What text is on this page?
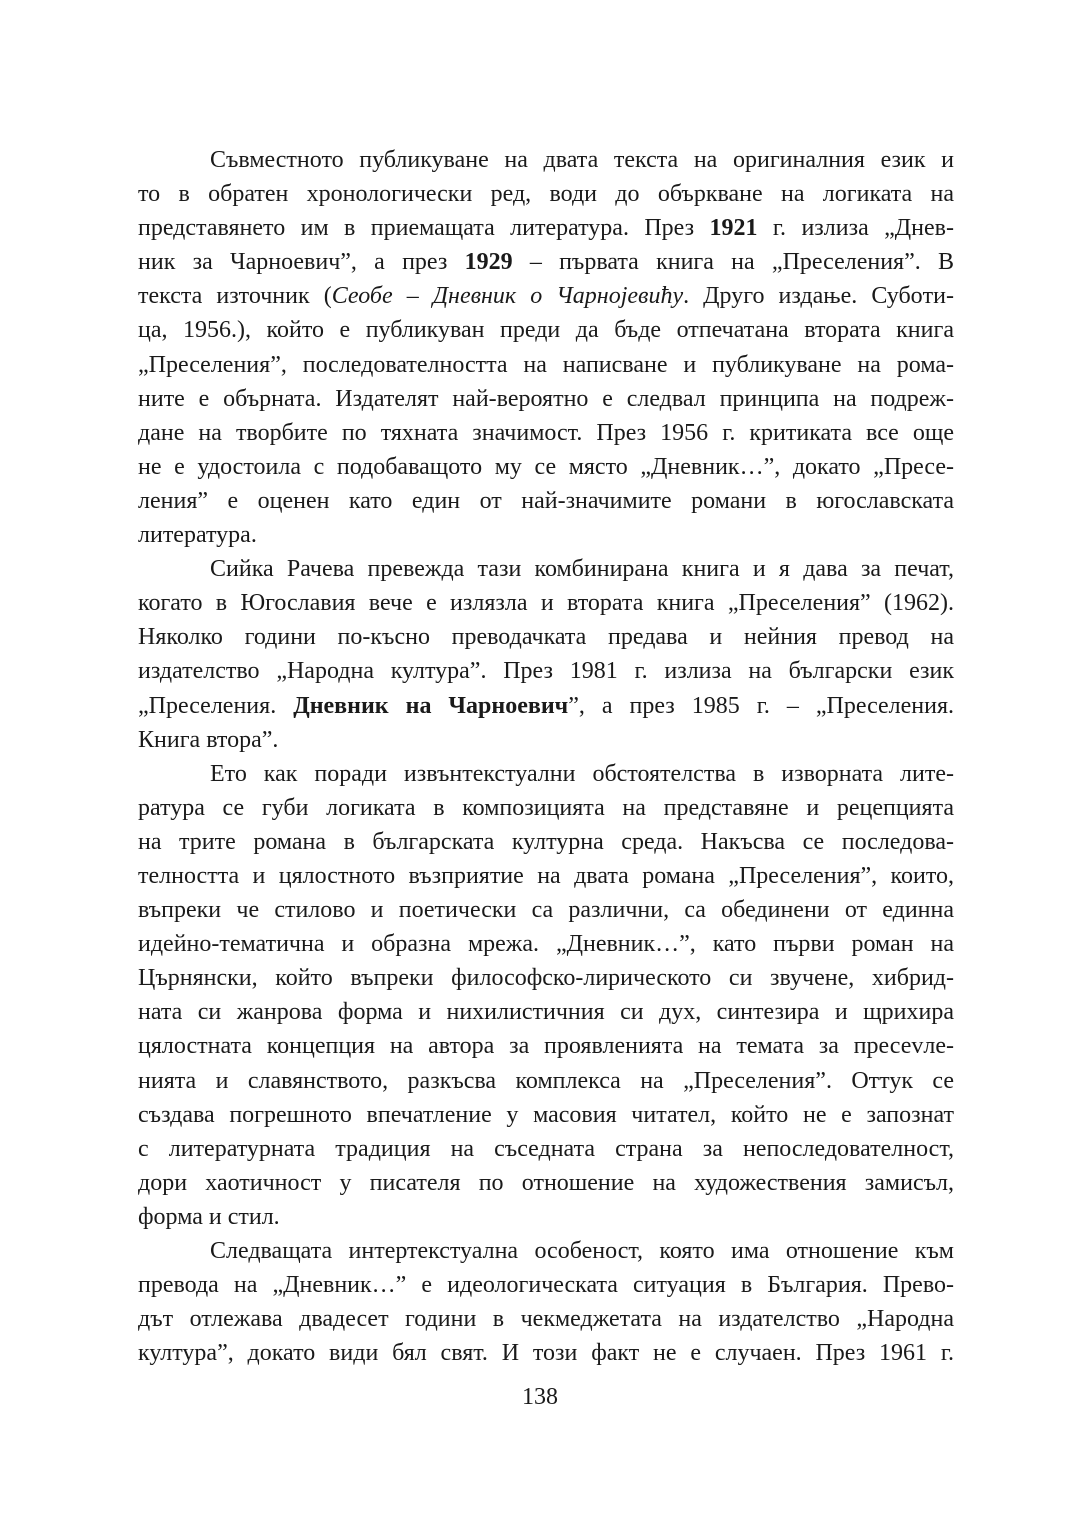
Съвместното публикуване на двата текста на оригиналния език и
то в обратен хронологически ред, води до объркване на логиката на
представянето им в приемащата литература. През 1921 г. излиза „Днев-
ник за Чарноевич”, а през 1929 – първата книга на „Преселения”. В
текста източник (Сеобе – Дневник о Чарнојевићу. Друго издање. Субoти-
ца, 1956.), който е публикуван преди да бъде отпечатана втората книга
„Преселения”, последователността на написване и публикуване на рома-
ните е обърната. Издателят най-вероятно е следвал принципа на подреж-
дане на творбите по тяхната значимост. През 1956 г. критиката все още
не е удостоила с подобаващото му се място „Дневник…”, докато „Пресе-
ления” е оценен като един от най-значимите романи в югославската
литература.
Сийка Рачева превежда тази комбинирана книга и я дава за печат,
когато в Югославия вече е излязла и втората книга „Преселения” (1962).
Няколко години по-късно преводачката предава и нейния превод на
издателство „Народна култура”. През 1981 г. излиза на български език
„Преселения. Дневник на Чарноевич”, а през 1985 г. – „Преселения.
Книга втора”.
Ето как поради извънтекстуални обстоятелства в изворната лите-
ратура се губи логиката в композицията на представяне и рецепцията
на трите романа в българската културна среда. Накъсва се последова-
телността и цялостното възприятие на двата романа „Преселения”, които,
въпреки че стилово и поетически са различни, са обединени от единна
идейно-тематична и образна мрежа. „Дневник…”, като първи роман на
Църнянски, който въпреки философско-лирическото си звучене, хибрид-
ната си жанрова форма и нихилистичния си дух, синтезира и щрихира
цялостната концепция на автора за проявленията на темата за пресеvле-
нията и славянството, разкъсва комплекса на „Преселения”. Оттук се
създава погрешното впечатление у масовия читател, който не е запознат
с литературната традиция на съседната страна за непоследователност,
дори хаотичност у писателя по отношение на художествения замисъл,
форма и стил.
Следващата интертекстуална особеност, която има отношение към
превода на „Дневник…” е идеологическата ситуация в България. Прево-
дът отлежава двадесет години в чекмеджетата на издателство „Народна
култура”, докато види бял свят. И този факт не е случаен. През 1961 г.
138
